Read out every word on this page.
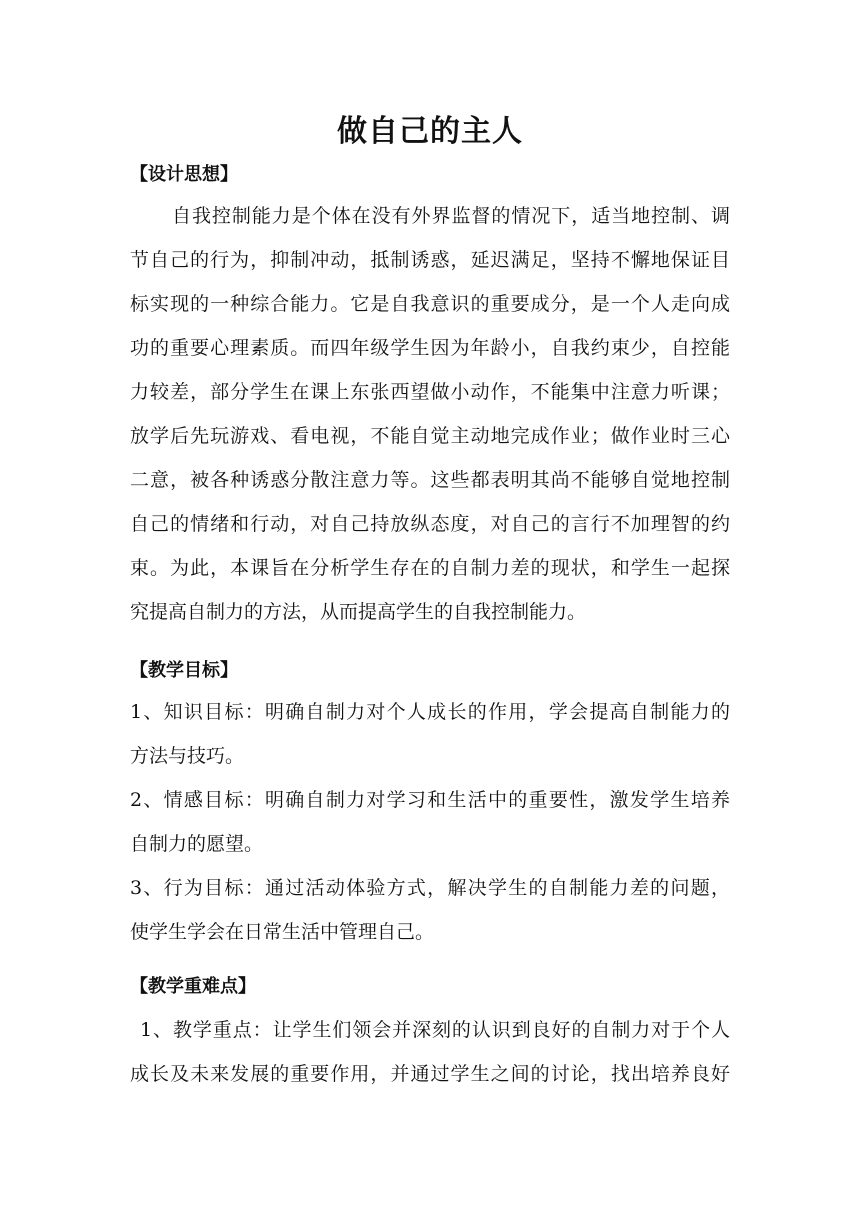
做自己的主人
【设计思想】
自我控制能力是个体在没有外界监督的情况下，适当地控制、调
节自己的行为，抑制冲动，抵制诱惑，延迟满足，坚持不懈地保证目
标实现的一种综合能力。它是自我意识的重要成分，是一个人走向成
功的重要心理素质。而四年级学生因为年龄小，自我约束少，自控能
力较差，部分学生在课上东张西望做小动作，不能集中注意力听课；
放学后先玩游戏、看电视，不能自觉主动地完成作业；做作业时三心
二意，被各种诱惑分散注意力等。这些都表明其尚不能够自觉地控制
自己的情绪和行动，对自己持放纵态度，对自己的言行不加理智的约
束。为此，本课旨在分析学生存在的自制力差的现状，和学生一起探
究提高自制力的方法，从而提高学生的自我控制能力。
【教学目标】
1、知识目标：明确自制力对个人成长的作用，学会提高自制能力的
方法与技巧。
2、情感目标：明确自制力对学习和生活中的重要性，激发学生培养
自制力的愿望。
3、行为目标：通过活动体验方式，解决学生的自制能力差的问题，
使学生学会在日常生活中管理自己。
【教学重难点】
1、教学重点：让学生们领会并深刻的认识到良好的自制力对于个人
成长及未来发展的重要作用，并通过学生之间的讨论，找出培养良好
